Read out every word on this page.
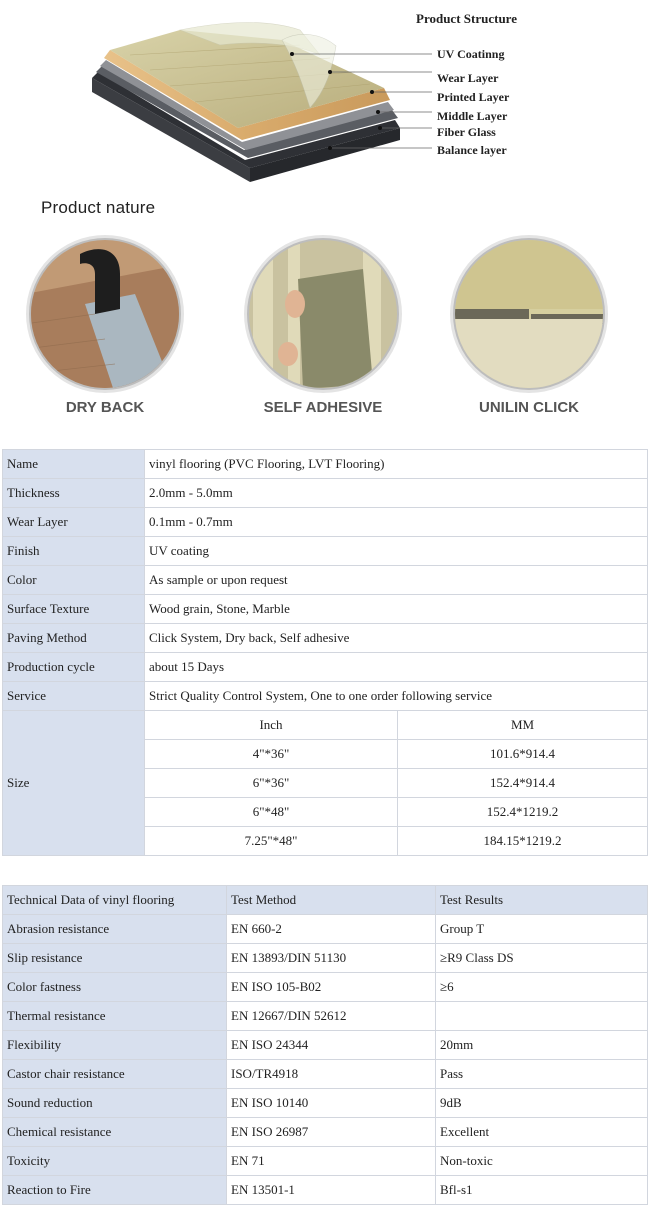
Product Structure
UV Coatinng
Wear Layer
Printed Layer
Middle Layer
Fiber Glass
Balance layer
Product nature
DRY BACK	SELF ADHESIVE	UNILIN CLICK
Name	vinyl flooring (PVC Flooring, LVT Flooring)	
Thickness	2.0mm - 5.0mm	
Wear Layer	0.1mm - 0.7mm	
Finish	UV coating	
Color	As sample or upon request	
Surface Texture	Wood grain, Stone, Marble	
Paving Method	Click System, Dry back, Self adhesive	
Production cycle	about 15 Days	
Service	Strict Quality Control System, One to one order following service	
Size	Inch	MM
	4"*36"	101.6*914.4
	6"*36"	152.4*914.4
	6"*48"	152.4*1219.2
	7.25"*48"	184.15*1219.2
Technical Data of vinyl flooring	Test Method	Test Results
Abrasion resistance	EN 660-2	Group T
Slip resistance	EN 13893/DIN 51130	≥R9 Class DS
Color fastness	EN ISO 105-B02	≥6
Thermal resistance	EN 12667/DIN 52612	
Flexibility	EN ISO 24344	20mm
Castor chair resistance	ISO/TR4918	Pass
Sound reduction	EN ISO 10140	9dB
Chemical resistance	EN ISO 26987	Excellent
Toxicity	EN 71	Non-toxic
Reaction to Fire	EN 13501-1	Bfl-s1
